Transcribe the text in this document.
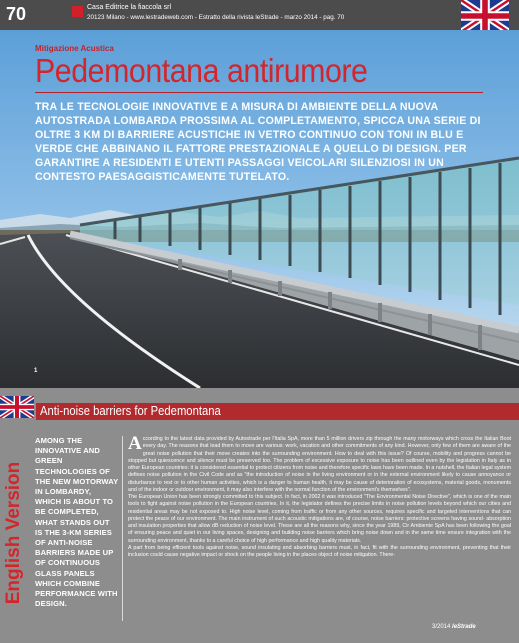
70	Casa Editrice la fiaccola srl
20123 Milano - www.lestradeweb.com - Estratto della rivista leStrade - marzo 2014 - pag. 70
Mitigazione Acustica
Pedemontana antirumore
TRA LE TECNOLOGIE INNOVATIVE E A MISURA DI AMBIENTE DELLA NUOVA AUTOSTRADA LOMBARDA PROSSIMA AL COMPLETAMENTO, SPICCA UNA SERIE DI OLTRE 3 KM DI BARRIERE ACUSTICHE IN VETRO CONTINUO CON TONI IN BLU E VERDE CHE ABBINANO IL FATTORE PRESTAZIONALE A QUELLO DI DESIGN. PER GARANTIRE A RESIDENTI E UTENTI PASSAGGI VEICOLARI SILENZIOSI IN UN CONTESTO PAESAGGISTICAMENTE TUTELATO.
1
Anti-noise barriers for Pedemontana
English Version
AMONG THE INNOVATIVE AND GREEN TECHNOLOGIES OF THE NEW MOTORWAY IN LOMBARDY, WHICH IS ABOUT TO BE COMPLETED, WHAT STANDS OUT IS THE 3-KM SERIES OF ANTI-NOISE BARRIERS MADE UP OF CONTINUOUS GLASS PANELS WHICH COMBINE PERFORMANCE WITH DESIGN.

According to the latest data provided by Autostrade per l'Italia SpA, more than 5 million drivers zip through the many motorways which cross the Italian Boot every day. The reasons that lead them to move are various: work, vacation and other commitments of any kind. However, only few of them are aware of the great noise pollution that their move creates into the surrounding environment. How to deal with this issue? Of course, mobility and progress cannot be stopped but quiescence and silence must be preserved too. The problem of excessive exposure to noise has been outlined even by the legislation in Italy as in other European countries: it is considered essential to protect citizens from noise and therefore specific laws have been made. In a nutshell, the Italian legal system defines noise pollution in the Civil Code and as "the introduction of noise in the living environment or in the external environment likely to cause annoyance or disturbance to rest or to other human activities, which is a danger to human health, it may be cause of deterioration of ecosystems, material goods, monuments and of the indoor or outdoor environment, it may also interfere with the normal function of the environment's themselves".

The European Union has been strongly committed to this subject. In fact, in 2002 it was introduced "The Environmental Noise Directive", which is one of the main tools to fight against noise pollution in the European countries. In it, the legislator defines the precise limits in noise pollution levels beyond which our cities and residential areas may be not exposed to. High noise level, coming from traffic or from any other sources, requires specific and targeted interventions that can protect the peace of our environment. The main instrument of such acoustic mitigations are, of course, noise barriers: protective screens having sound- absorption and insulation properties that allow dB reduction of noise level. These are all the reasons why, since the year 1989, Cir Ambiente SpA has been following the goal of ensuring peace and quiet in our living spaces, designing and building noise barriers which bring noise down and in the same time ensure integration with the surrounding environment, thanks to a careful choice of high performance and high quality materials.

A part from being efficient tools against noise, sound insulating and absorbing barriers must, in fact, fit with the surrounding environment, preventing that their inclusion could cause negative impact or shock on the people living in the places object of noise mitigation. There-

3/2014 leStrade
